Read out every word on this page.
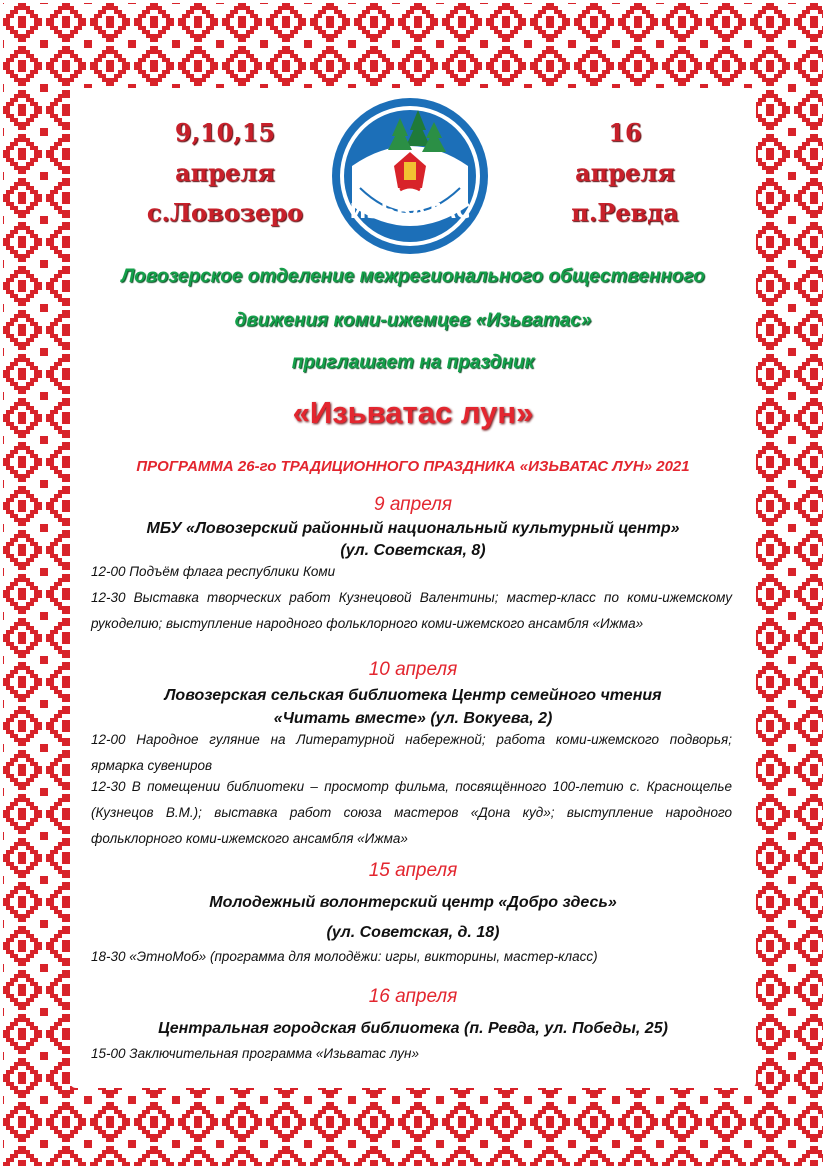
9,10,15
апреля
с.Ловозеро	ИЗЬВАТАС
16
апреля
п.Ревда
Ловозерское отделение межрегионального общественного
движения коми-ижемцев «Изьватас»
приглашает на праздник
«Изьватас лун»
ПРОГРАММА 26-го ТРАДИЦИОННОГО ПРАЗДНИКА «ИЗЬВАТАС ЛУН» 2021
9 апреля
МБУ «Ловозерский районный национальный культурный центр»
(ул. Советская, 8)
12-00 Подъём флага республики Коми
12-30 Выставка творческих работ Кузнецовой Валентины; мастер-класс по коми-ижемскому рукоделию; выступление народного фольклорного коми-ижемского ансамбля «Ижма»
10 апреля
Ловозерская сельская библиотека Центр семейного чтения
«Читать вместе» (ул. Вокуева, 2)
12-00 Народное гуляние на Литературной набережной; работа коми-ижемского подворья; ярмарка сувениров
12-30 В помещении библиотеки – просмотр фильма, посвящённого 100-летию с. Краснощелье (Кузнецов В.М.); выставка работ союза мастеров «Дона куд»; выступление народного фольклорного коми-ижемского ансамбля «Ижма»
15 апреля
Молодежный волонтерский центр «Добро здесь»
(ул. Советская, д. 18)
18-30 «ЭтноМоб» (программа для молодёжи: игры, викторины, мастер-класс)
16 апреля
Центральная городская библиотека (п. Ревда, ул. Победы, 25)
15-00 Заключительная программа «Изьватас лун»
